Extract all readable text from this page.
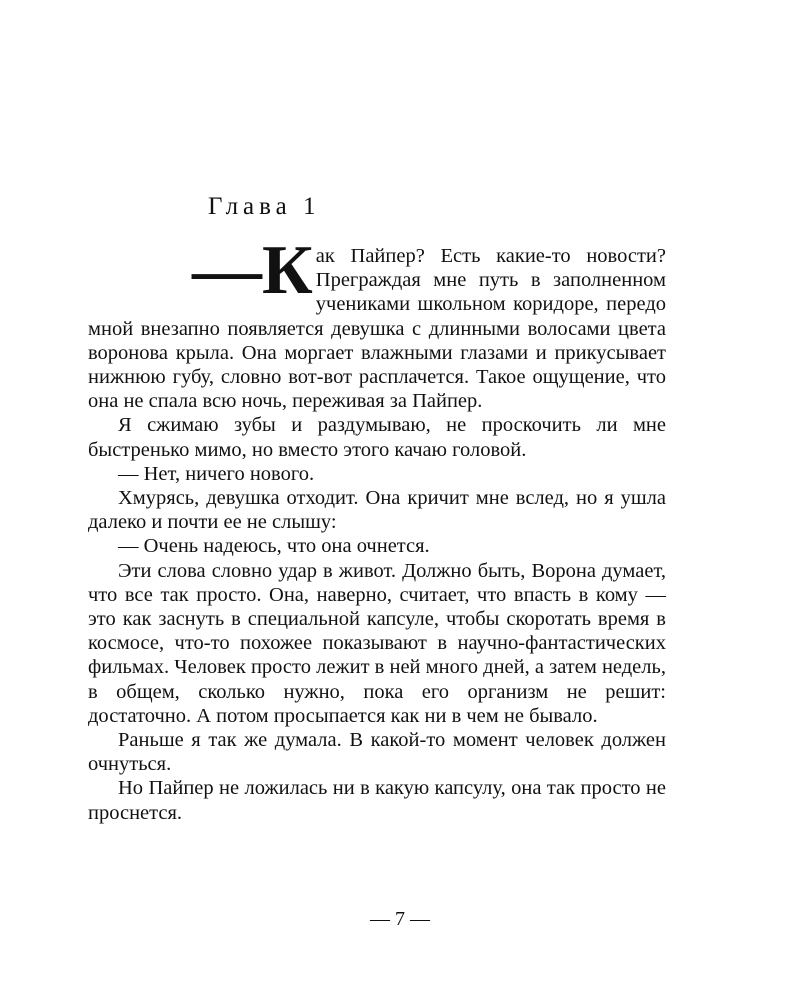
Глава 1

—К ак Пайпер? Есть какие-то новости? Преграждая мне путь в заполненном учениками школьном коридоре, передо мной внезапно появляется девушка с длинными волосами цвета воронова крыла. Она моргает влажными глазами и прикусывает нижнюю губу, словно вот-вот расплачется. Такое ощущение, что она не спала всю ночь, переживая за Пайпер.

Я сжимаю зубы и раздумываю, не проскочить ли мне быстренько мимо, но вместо этого качаю головой.

— Нет, ничего нового.

Хмурясь, девушка отходит. Она кричит мне вслед, но я ушла далеко и почти ее не слышу:

— Очень надеюсь, что она очнется.

Эти слова словно удар в живот. Должно быть, Ворона думает, что все так просто. Она, наверно, считает, что впасть в кому — это как заснуть в специальной капсуле, чтобы скоротать время в космосе, что-то похожее показывают в научно-фантастических фильмах. Человек просто лежит в ней много дней, а затем недель, в общем, сколько нужно, пока его организм не решит: достаточно. А потом просыпается как ни в чем не бывало.

Раньше я так же думала. В какой-то момент человек должен очнуться.

Но Пайпер не ложилась ни в какую капсулу, она так просто не проснется.

— 7 —
